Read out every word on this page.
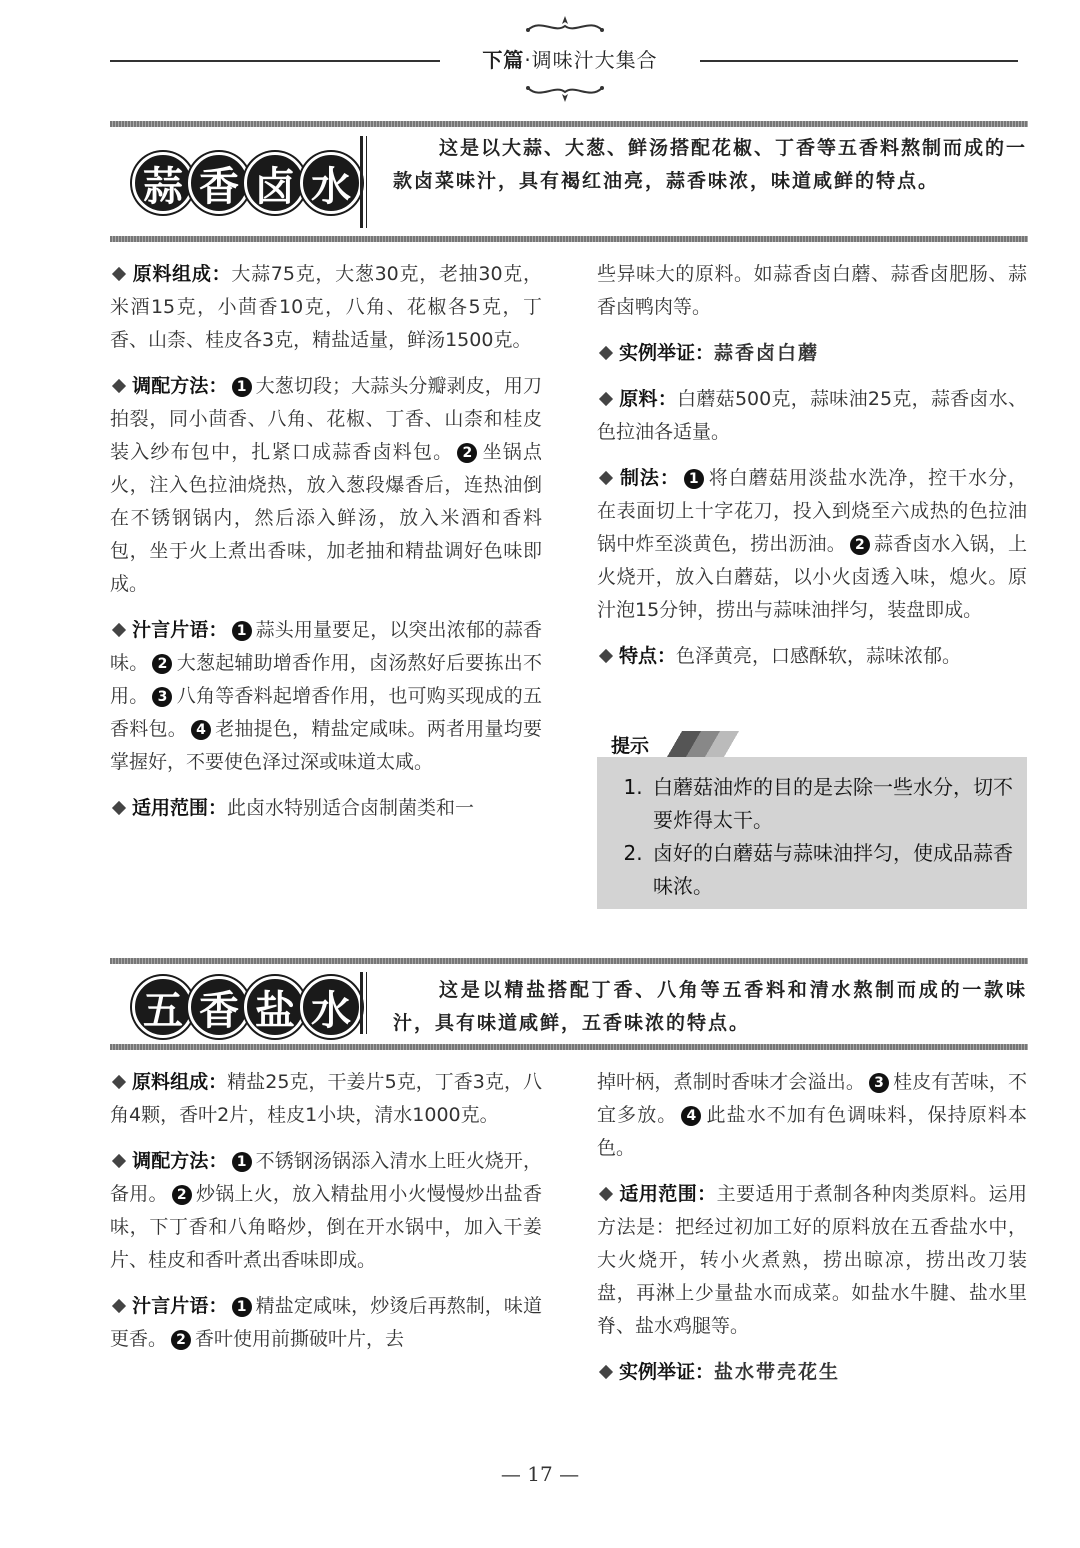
下篇·调味汁大集合
蒜 香 卤 水
这是以大蒜、大葱、鲜汤搭配花椒、丁香等五香料熬制而成的一款卤菜味汁，具有褐红油亮，蒜香味浓，味道咸鲜的特点。

原料组成：大蒜75克，大葱30克，老抽30克，米酒15克，小茴香10克，八角、花椒各5克，丁香、山柰、桂皮各3克，精盐适量，鲜汤1500克。

调配方法： 1 大葱切段；大蒜头分瓣剥皮，用刀拍裂，同小茴香、八角、花椒、丁香、山柰和桂皮装入纱布包中，扎紧口成蒜香卤料包。 2 坐锅点火，注入色拉油烧热，放入葱段爆香后，连热油倒在不锈钢锅内，然后添入鲜汤，放入米酒和香料包，坐于火上煮出香味，加老抽和精盐调好色味即成。

汁言片语： 1 蒜头用量要足，以突出浓郁的蒜香味。 2 大葱起辅助增香作用，卤汤熬好后要拣出不用。 3 八角等香料起增香作用，也可购买现成的五香料包。 4 老抽提色，精盐定咸味。两者用量均要掌握好，不要使色泽过深或味道太咸。

适用范围：此卤水特别适合卤制菌类和一

些异味大的原料。如蒜香卤白蘑、蒜香卤肥肠、蒜香卤鸭肉等。

实例举证：蒜香卤白蘑

原料：白蘑菇500克，蒜味油25克，蒜香卤水、色拉油各适量。

制法： 1 将白蘑菇用淡盐水洗净，控干水分，在表面切上十字花刀，投入到烧至六成热的色拉油锅中炸至淡黄色，捞出沥油。 2 蒜香卤水入锅，上火烧开，放入白蘑菇，以小火卤透入味，熄火。原汁泡15分钟，捞出与蒜味油拌匀，装盘即成。

特点：色泽黄亮，口感酥软，蒜味浓郁。

提示
1. 白蘑菇油炸的目的是去除一些水分，切不要炸得太干。
2. 卤好的白蘑菇与蒜味油拌匀，使成品蒜香味浓。
五 香 盐 水	这是以精盐搭配丁香、八角等五香料和清水熬制而成的一款味汁，具有味道咸鲜，五香味浓的特点。

原料组成：精盐25克，干姜片5克，丁香3克，八角4颗，香叶2片，桂皮1小块，清水1000克。

调配方法： 1 不锈钢汤锅添入清水上旺火烧开，备用。 2 炒锅上火，放入精盐用小火慢慢炒出盐香味，下丁香和八角略炒，倒在开水锅中，加入干姜片、桂皮和香叶煮出香味即成。

汁言片语： 1 精盐定咸味，炒烫后再熬制，味道更香。 2 香叶使用前撕破叶片，去

掉叶柄，煮制时香味才会溢出。 3 桂皮有苦味，不宜多放。 4 此盐水不加有色调味料，保持原料本色。

适用范围：主要适用于煮制各种肉类原料。运用方法是：把经过初加工好的原料放在五香盐水中，大火烧开，转小火煮熟，捞出晾凉，捞出改刀装盘，再淋上少量盐水而成菜。如盐水牛腱、盐水里脊、盐水鸡腿等。

实例举证：盐水带壳花生

— 17 —
